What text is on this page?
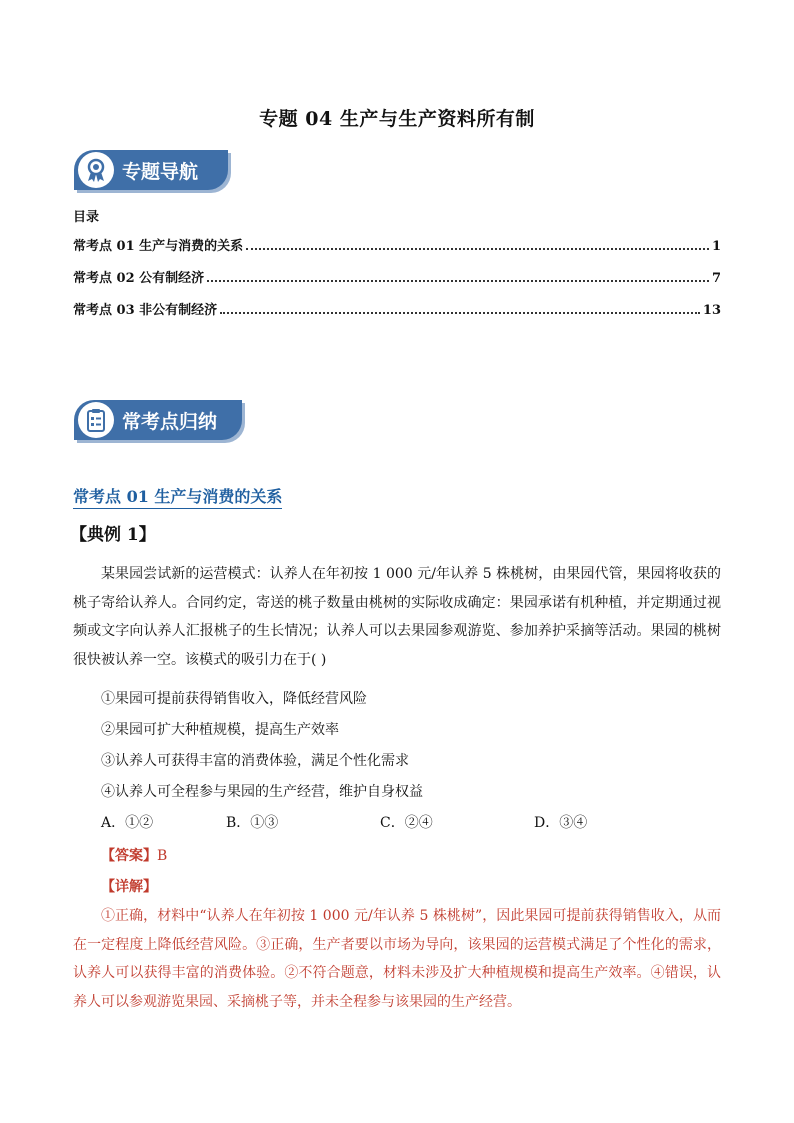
专题 04 生产与生产资料所有制
专题导航
目录
常考点 01 生产与消费的关系	1
常考点 02 公有制经济	7
常考点 03 非公有制经济	13
常考点归纳
常考点 01 生产与消费的关系
【典例 1】
某果园尝试新的运营模式：认养人在年初按 1 000 元/年认养 5 株桃树，由果园代管，果园将收获的桃子寄给认养人。合同约定，寄送的桃子数量由桃树的实际收成确定：果园承诺有机种植，并定期通过视频或文字向认养人汇报桃子的生长情况；认养人可以去果园参观游览、参加养护采摘等活动。果园的桃树很快被认养一空。该模式的吸引力在于( )
①果园可提前获得销售收入，降低经营风险
②果园可扩大种植规模，提高生产效率
③认养人可获得丰富的消费体验，满足个性化需求
④认养人可全程参与果园的生产经营，维护自身权益
A．①②	B．①③	C．②④	D．③④
【答案】B
【详解】
①正确，材料中“认养人在年初按 1 000 元/年认养 5 株桃树”，因此果园可提前获得销售收入，从而在一定程度上降低经营风险。③正确，生产者要以市场为导向，该果园的运营模式满足了个性化的需求，认养人可以获得丰富的消费体验。②不符合题意，材料未涉及扩大种植规模和提高生产效率。④错误，认养人可以参观游览果园、采摘桃子等，并未全程参与该果园的生产经营。
